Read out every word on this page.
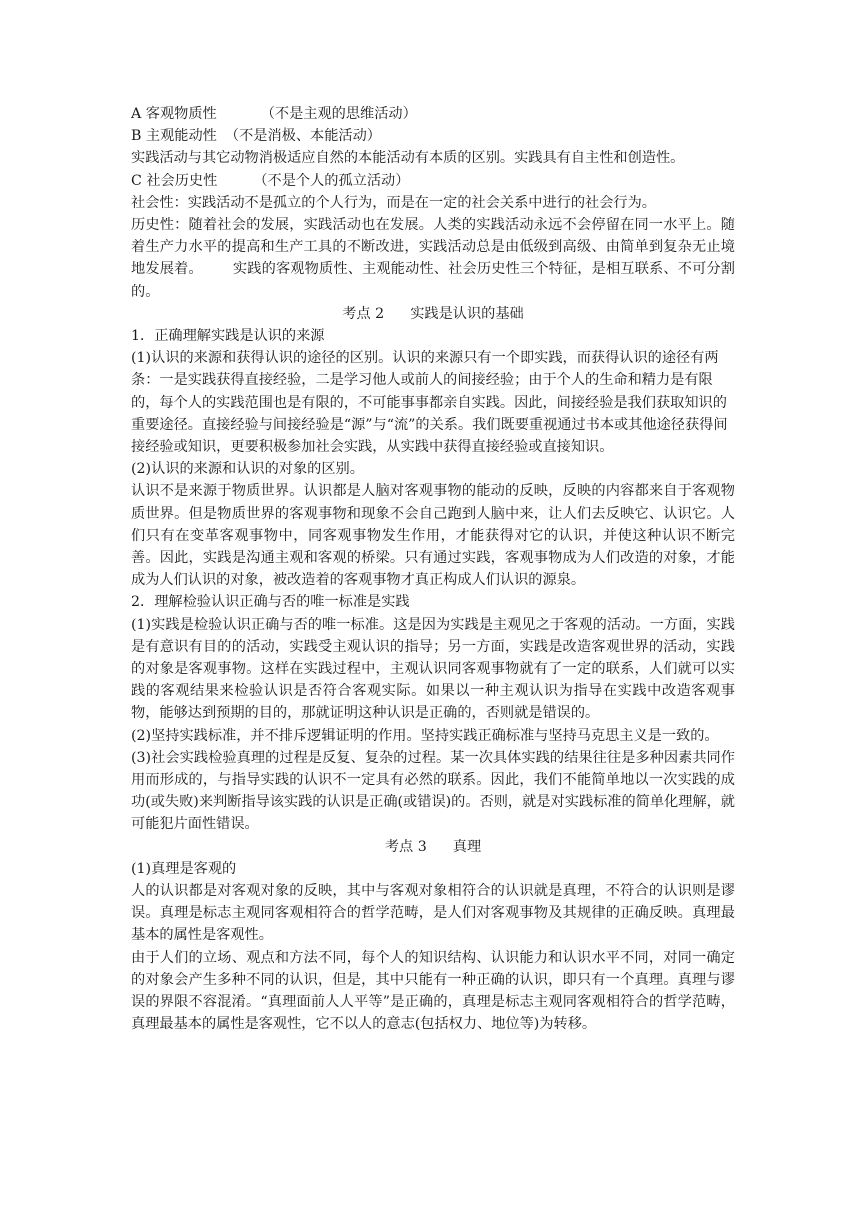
A 客观物质性	（不是主观的思维活动）
B 主观能动性 （不是消极、本能活动）
实践活动与其它动物消极适应自然的本能活动有本质的区别。实践具有自主性和创造性。
C 社会历史性	（不是个人的孤立活动）
社会性：实践活动不是孤立的个人行为，而是在一定的社会关系中进行的社会行为。
历史性：随着社会的发展，实践活动也在发展。人类的实践活动永远不会停留在同一水平上。随着生产力水平的提高和生产工具的不断改进，实践活动总是由低级到高级、由简单到复杂无止境地发展着。 实践的客观物质性、主观能动性、社会历史性三个特征，是相互联系、不可分割的。
考点 2 实践是认识的基础
1．正确理解实践是认识的来源
(1)认识的来源和获得认识的途径的区别。认识的来源只有一个即实践，而获得认识的途径有两条：一是实践获得直接经验，二是学习他人或前人的间接经验；由于个人的生命和精力是有限的，每个人的实践范围也是有限的，不可能事事都亲自实践。因此，间接经验是我们获取知识的重要途径。直接经验与间接经验是“源”与“流”的关系。我们既要重视通过书本或其他途径获得间接经验或知识，更要积极参加社会实践，从实践中获得直接经验或直接知识。
(2)认识的来源和认识的对象的区别。
认识不是来源于物质世界。认识都是人脑对客观事物的能动的反映，反映的内容都来自于客观物质世界。但是物质世界的客观事物和现象不会自己跑到人脑中来，让人们去反映它、认识它。人们只有在变革客观事物中，同客观事物发生作用，才能获得对它的认识，并使这种认识不断完善。因此，实践是沟通主观和客观的桥梁。只有通过实践，客观事物成为人们改造的对象，才能成为人们认识的对象，被改造着的客观事物才真正构成人们认识的源泉。
2．理解检验认识正确与否的唯一标准是实践
(1)实践是检验认识正确与否的唯一标准。这是因为实践是主观见之于客观的活动。一方面，实践是有意识有目的的活动，实践受主观认识的指导；另一方面，实践是改造客观世界的活动，实践的对象是客观事物。这样在实践过程中，主观认识同客观事物就有了一定的联系，人们就可以实践的客观结果来检验认识是否符合客观实际。如果以一种主观认识为指导在实践中改造客观事物，能够达到预期的目的，那就证明这种认识是正确的，否则就是错误的。
(2)坚持实践标准，并不排斥逻辑证明的作用。坚持实践正确标准与坚持马克思主义是一致的。
(3)社会实践检验真理的过程是反复、复杂的过程。某一次具体实践的结果往往是多种因素共同作用而形成的，与指导实践的认识不一定具有必然的联系。因此，我们不能简单地以一次实践的成功(或失败)来判断指导该实践的认识是正确(或错误)的。否则，就是对实践标准的简单化理解，就可能犯片面性错误。
考点 3 真理
(1)真理是客观的
人的认识都是对客观对象的反映，其中与客观对象相符合的认识就是真理，不符合的认识则是谬误。真理是标志主观同客观相符合的哲学范畴，是人们对客观事物及其规律的正确反映。真理最基本的属性是客观性。
由于人们的立场、观点和方法不同，每个人的知识结构、认识能力和认识水平不同，对同一确定的对象会产生多种不同的认识，但是，其中只能有一种正确的认识，即只有一个真理。真理与谬误的界限不容混淆。“真理面前人人平等”是正确的，真理是标志主观同客观相符合的哲学范畴，真理最基本的属性是客观性，它不以人的意志(包括权力、地位等)为转移。
